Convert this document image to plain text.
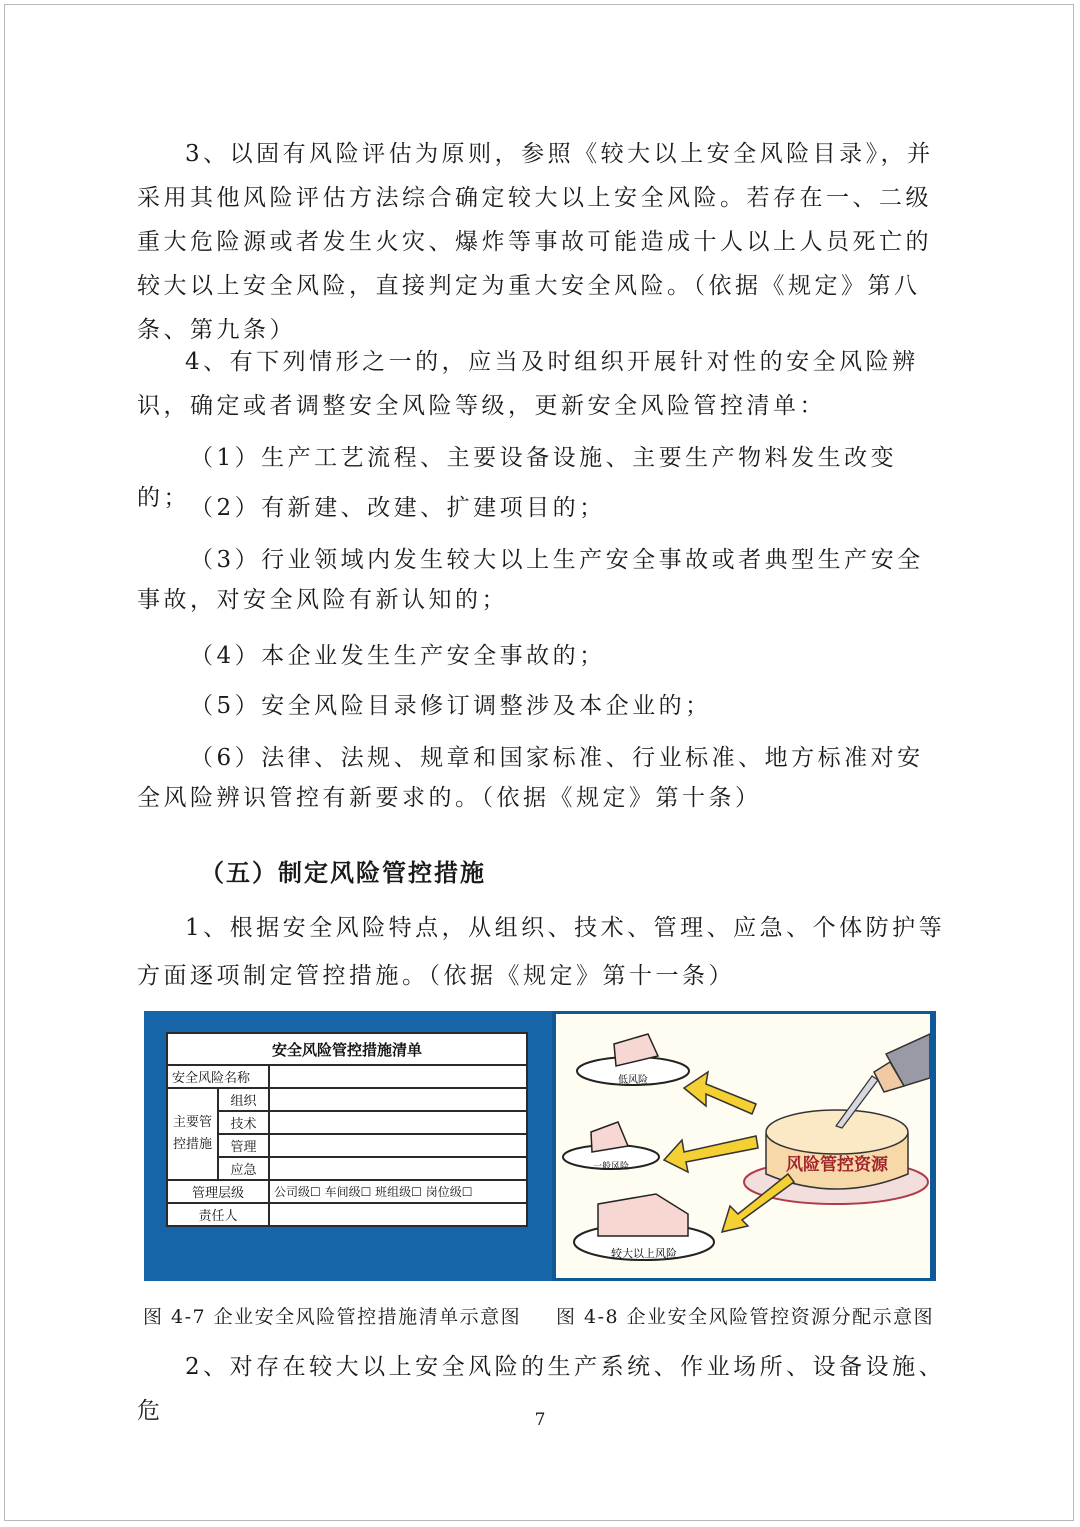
3、以固有风险评估为原则，参照《较大以上安全风险目录》，并采用其他风险评估方法综合确定较大以上安全风险。若存在一、二级重大危险源或者发生火灾、爆炸等事故可能造成十人以上人员死亡的较大以上安全风险，直接判定为重大安全风险。（依据《规定》第八条、第九条）

4、有下列情形之一的，应当及时组织开展针对性的安全风险辨识，确定或者调整安全风险等级，更新安全风险管控清单：

（1）生产工艺流程、主要设备设施、主要生产物料发生改变的； （2）有新建、改建、扩建项目的；

（3）行业领域内发生较大以上生产安全事故或者典型生产安全事故，对安全风险有新认知的；

（4）本企业发生生产安全事故的；

（5）安全风险目录修订调整涉及本企业的；

（6）法律、法规、规章和国家标准、行业标准、地方标准对安全风险辨识管控有新要求的。（依据《规定》第十条）

（五）制定风险管控措施

1、根据安全风险特点，从组织、技术、管理、应急、个体防护等方面逐项制定管控措施。（依据《规定》第十一条）

安全风险管控措施清单		
安全风险名称		
主要管控措施	组织	
	技术	
	管理	
	应急	
管理层级		公司级☐ 车间级☐ 班组级☐ 岗位级☐
责任人		
低风险
一般风险
较大以上风险
风险管控资源
图 4-7 企业安全风险管控措施清单示意图 图 4-8 企业安全风险管控资源分配示意图

2、对存在较大以上安全风险的生产系统、作业场所、设备设施、危	7
